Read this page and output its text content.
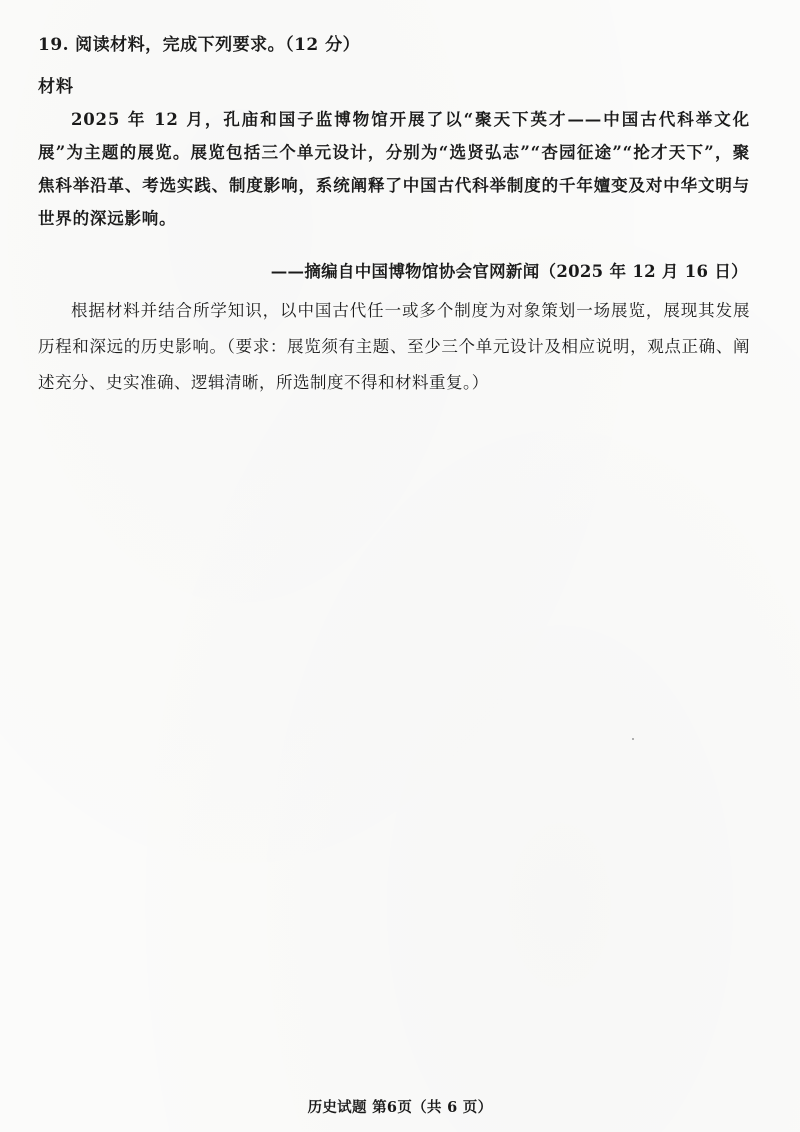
19. 阅读材料，完成下列要求。（12 分）
材料

2025 年 12 月，孔庙和国子监博物馆开展了以“聚天下英才——中国古代科举文化展”为主题的展览。展览包括三个单元设计，分别为“选贤弘志”“杏园征途”“抡才天下”，聚焦科举沿革、考选实践、制度影响，系统阐释了中国古代科举制度的千年嬗变及对中华文明与世界的深远影响。

——摘编自中国博物馆协会官网新闻（2025 年 12 月 16 日）

根据材料并结合所学知识，以中国古代任一或多个制度为对象策划一场展览，展现其发展历程和深远的历史影响。（要求：展览须有主题、至少三个单元设计及相应说明，观点正确、阐述充分、史实准确、逻辑清晰，所选制度不得和材料重复。）

历史试题 第6页（共 6 页）
